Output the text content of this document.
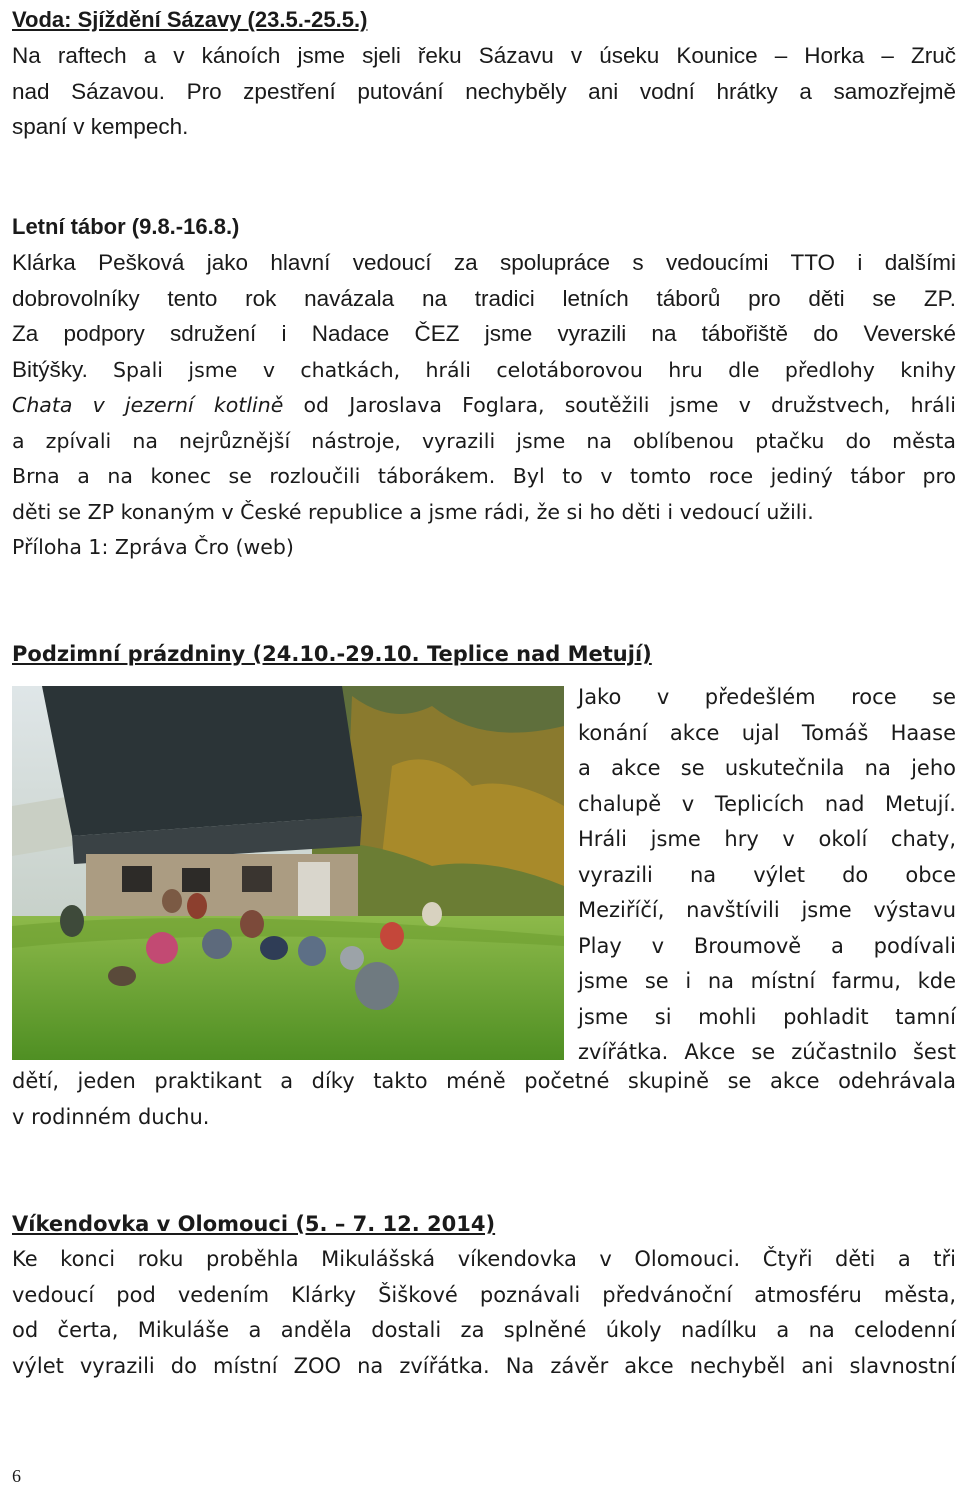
Voda: Sjíždění Sázavy (23.5.-25.5.)

Na raftech a v kánoích jsme sjeli řeku Sázavu v úseku Kounice – Horka – Zruč
nad Sázavou. Pro zpestření putování nechyběly ani vodní hrátky a samozřejmě
spaní v kempech.

Letní tábor (9.8.-16.8.)

Klárka Pešková jako hlavní vedoucí za spolupráce s vedoucími TTO i dalšími
dobrovolníky tento rok navázala na tradici letních táborů pro děti se ZP.
Za podpory sdružení i Nadace ČEZ jsme vyrazili na tábořiště do Veverské
Bitýšky. Spali jsme v chatkách, hráli celotáborovou hru dle předlohy knihy

Chata v jezerní kotlině od Jaroslava Foglara, soutěžili jsme v družstvech, hráli
a zpívali na nejrůznější nástroje, vyrazili jsme na oblíbenou ptačku do města
Brna a na konec se rozloučili táborákem. Byl to v tomto roce jediný tábor pro
děti se ZP konaným v České republice a jsme rádi, že si ho děti i vedoucí užili.
Příloha 1: Zpráva Čro (web)

Podzimní prázdniny (24.10.-29.10. Teplice nad Metují)

Jako v předešlém roce se
konání akce ujal Tomáš Haase
a akce se uskutečnila na jeho
chalupě v Teplicích nad Metují.
Hráli jsme hry v okolí chaty,
vyrazili na výlet do obce
Meziříčí, navštívili jsme výstavu
Play v Broumově a podívali
jsme se i na místní farmu, kde
jsme si mohli pohladit tamní
zvířátka. Akce se zúčastnilo šest

dětí, jeden praktikant a díky takto méně početné skupině se akce odehrávala
v rodinném duchu.

Víkendovka v Olomouci (5. – 7. 12. 2014)

Ke konci roku proběhla Mikulášská víkendovka v Olomouci. Čtyři děti a tři
vedoucí pod vedením Klárky Šiškové poznávali předvánoční atmosféru města,
od čerta, Mikuláše a anděla dostali za splněné úkoly nadílku a na celodenní
výlet vyrazili do místní ZOO na zvířátka. Na závěr akce nechyběl ani slavnostní

6
